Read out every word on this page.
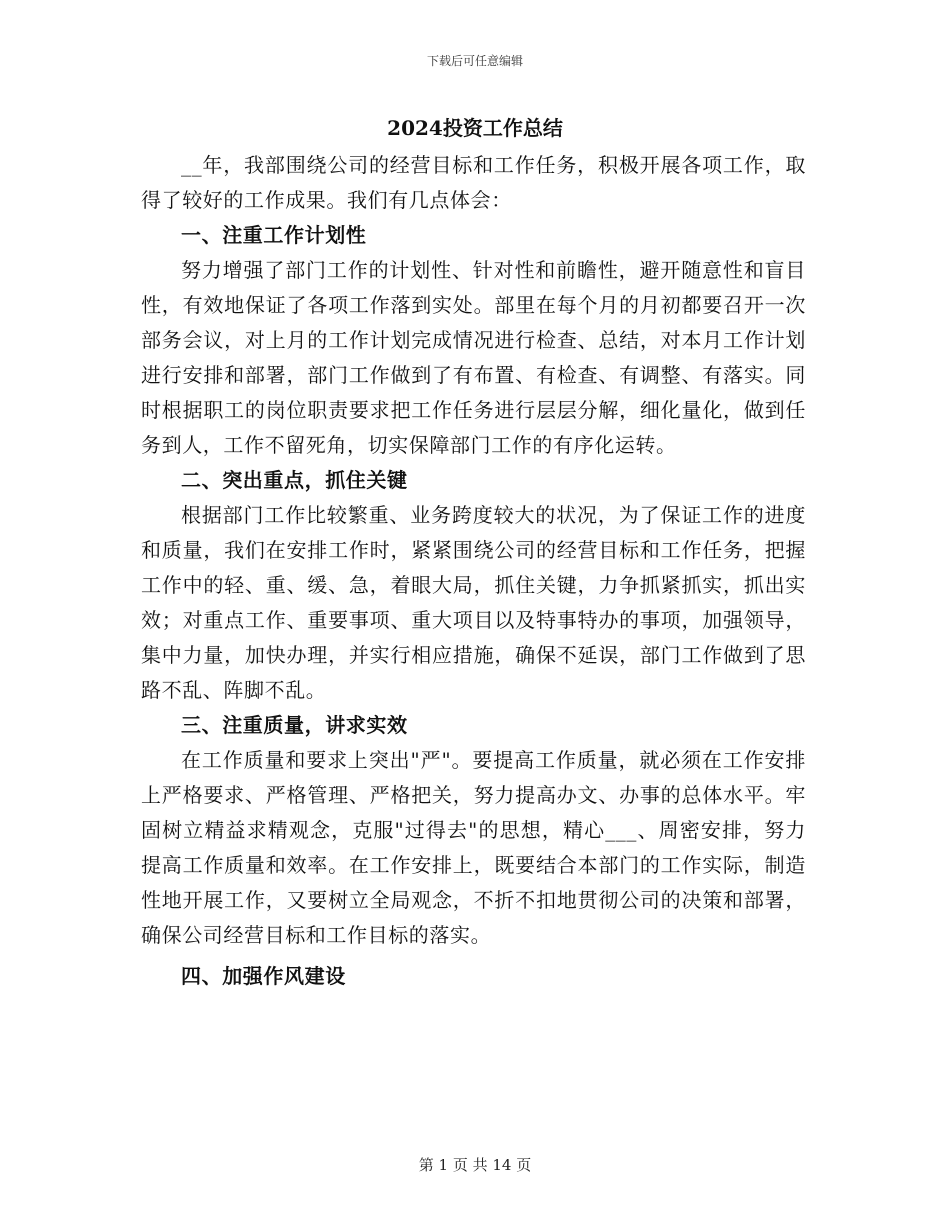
下载后可任意编辑
2024投资工作总结

__年，我部围绕公司的经营目标和工作任务，积极开展各项工作，取得了较好的工作成果。我们有几点体会：

一、注重工作计划性

努力增强了部门工作的计划性、针对性和前瞻性，避开随意性和盲目性，有效地保证了各项工作落到实处。部里在每个月的月初都要召开一次部务会议，对上月的工作计划完成情况进行检查、总结，对本月工作计划进行安排和部署，部门工作做到了有布置、有检查、有调整、有落实。同时根据职工的岗位职责要求把工作任务进行层层分解，细化量化，做到任务到人，工作不留死角，切实保障部门工作的有序化运转。

二、突出重点，抓住关键

根据部门工作比较繁重、业务跨度较大的状况，为了保证工作的进度和质量，我们在安排工作时，紧紧围绕公司的经营目标和工作任务，把握工作中的轻、重、缓、急，着眼大局，抓住关键，力争抓紧抓实，抓出实效；对重点工作、重要事项、重大项目以及特事特办的事项，加强领导，集中力量，加快办理，并实行相应措施，确保不延误，部门工作做到了思路不乱、阵脚不乱。

三、注重质量，讲求实效

在工作质量和要求上突出"严"。要提高工作质量，就必须在工作安排上严格要求、严格管理、严格把关，努力提高办文、办事的总体水平。牢固树立精益求精观念，克服"过得去"的思想，精心___、周密安排，努力提高工作质量和效率。在工作安排上，既要结合本部门的工作实际，制造性地开展工作，又要树立全局观念，不折不扣地贯彻公司的决策和部署，确保公司经营目标和工作目标的落实。

四、加强作风建设
第 1 页 共 14 页
